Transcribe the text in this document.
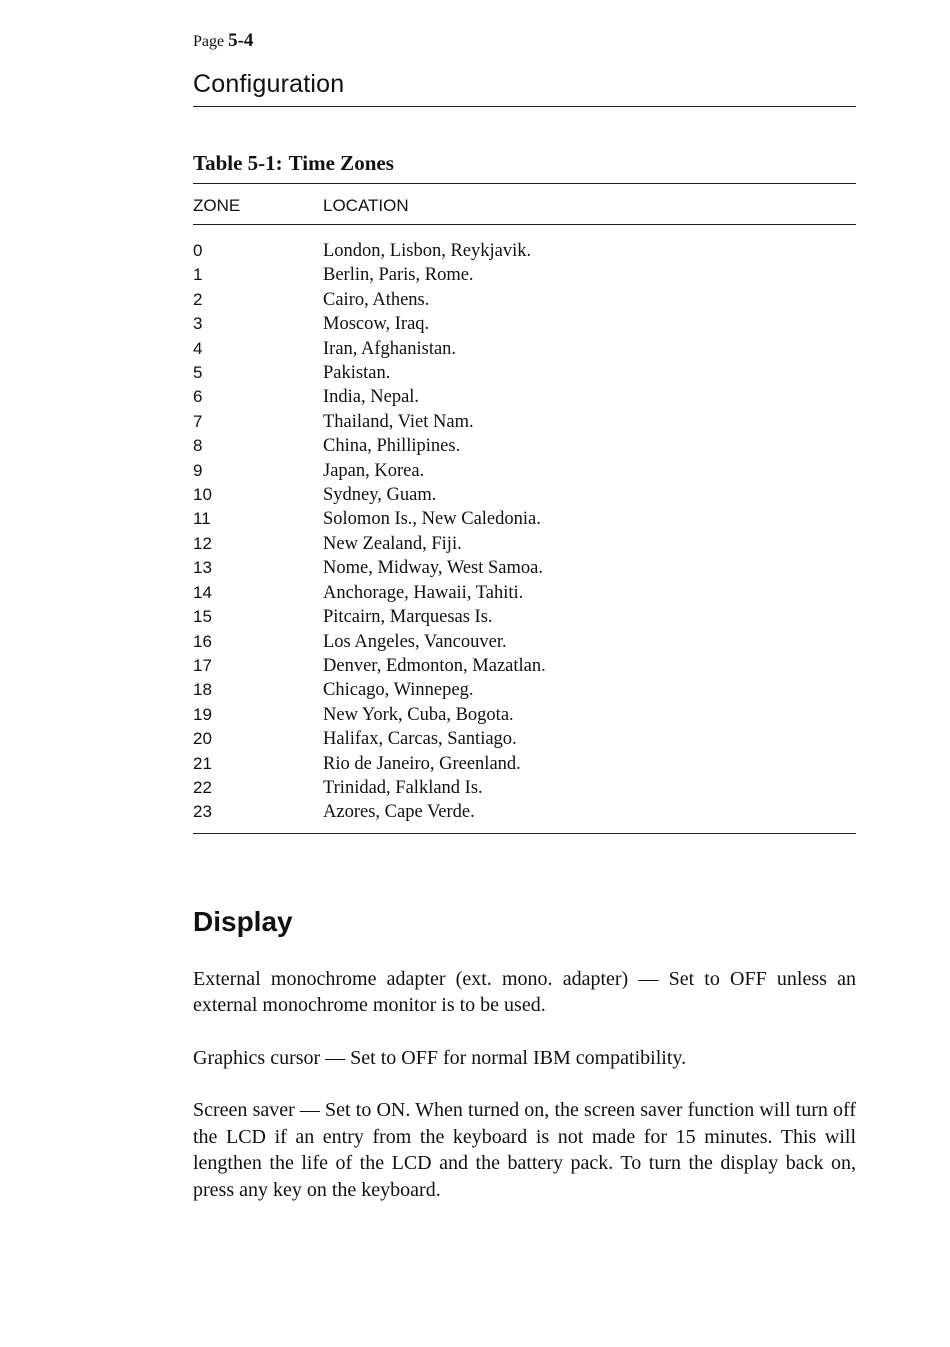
Page 5-4
Configuration
Table 5-1: Time Zones
ZONE	LOCATION
0	London, Lisbon, Reykjavik.
1	Berlin, Paris, Rome.
2	Cairo, Athens.
3	Moscow, Iraq.
4	Iran, Afghanistan.
5	Pakistan.
6	India, Nepal.
7	Thailand, Viet Nam.
8	China, Phillipines.
9	Japan, Korea.
10	Sydney, Guam.
11	Solomon Is., New Caledonia.
12	New Zealand, Fiji.
13	Nome, Midway, West Samoa.
14	Anchorage, Hawaii, Tahiti.
15	Pitcairn, Marquesas Is.
16	Los Angeles, Vancouver.
17	Denver, Edmonton, Mazatlan.
18	Chicago, Winnepeg.
19	New York, Cuba, Bogota.
20	Halifax, Carcas, Santiago.
21	Rio de Janeiro, Greenland.
22	Trinidad, Falkland Is.
23	Azores, Cape Verde.
Display

External monochrome adapter (ext. mono. adapter) — Set to OFF unless an external monochrome monitor is to be used.

Graphics cursor — Set to OFF for normal IBM compatibility.

Screen saver — Set to ON. When turned on, the screen saver function will turn off the LCD if an entry from the keyboard is not made for 15 minutes. This will lengthen the life of the LCD and the battery pack. To turn the display back on, press any key on the keyboard.
